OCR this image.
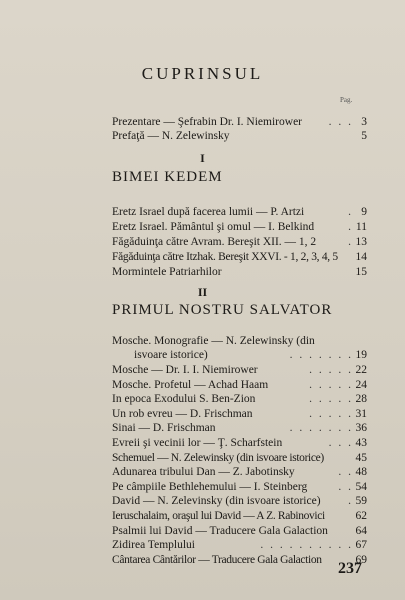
CUPRINSUL
Pag.
Prezentare — Şefrabin Dr. I. Niemirower . . . 3
Prefaţă — N. Zelewinsky	5
I
BIMEI KEDEM
Eretz Israel după facerea lumii — P. Artzi	. 9
Eretz Israel. Pământul şi omul — I. Belkind	. 11
Făgăduinţa către Avram. Bereşit XII. — 1, 2	. 13
Făgăduinţa către Itzhak. Bereşit XXVI. - 1, 2, 3, 4, 5 14
Mormintele Patriarhilor	15
II
PRIMUL NOSTRU SALVATOR
Mosche. Monografie — N. Zelewinsky (din
isvoare istorice)	. . . . . . . 19
Mosche — Dr. I. I. Niemirower	. . . . . 22
Mosche. Profetul — Achad Haam	. . . . . 24
In epoca Exodului S. Ben-Zion	. . . . . 28
Un rob evreu — D. Frischman	. . . . . 31
Sinai — D. Frischman	. . . . . . . 36
Evreii şi vecinii lor — Ţ. Scharfstein	. . . 43
Schemuel — N. Zelewinsky (din isvoare istorice)	45
Adunarea tribului Dan — Z. Jabotinsky	. . 48
Pe câmpiile Bethlehemului — I. Steinberg	. . 54
David — N. Zelevinsky (din isvoare istorice) . 59
Ieruschalaim, oraşul lui David — A Z. Rabinovici	62
Psalmii lui David — Traducere Gala Galaction 64
Zidirea Templului	. . . . . . . . . . 67
Cântarea Cântărilor — Traducere Gala Galaction	69
237
